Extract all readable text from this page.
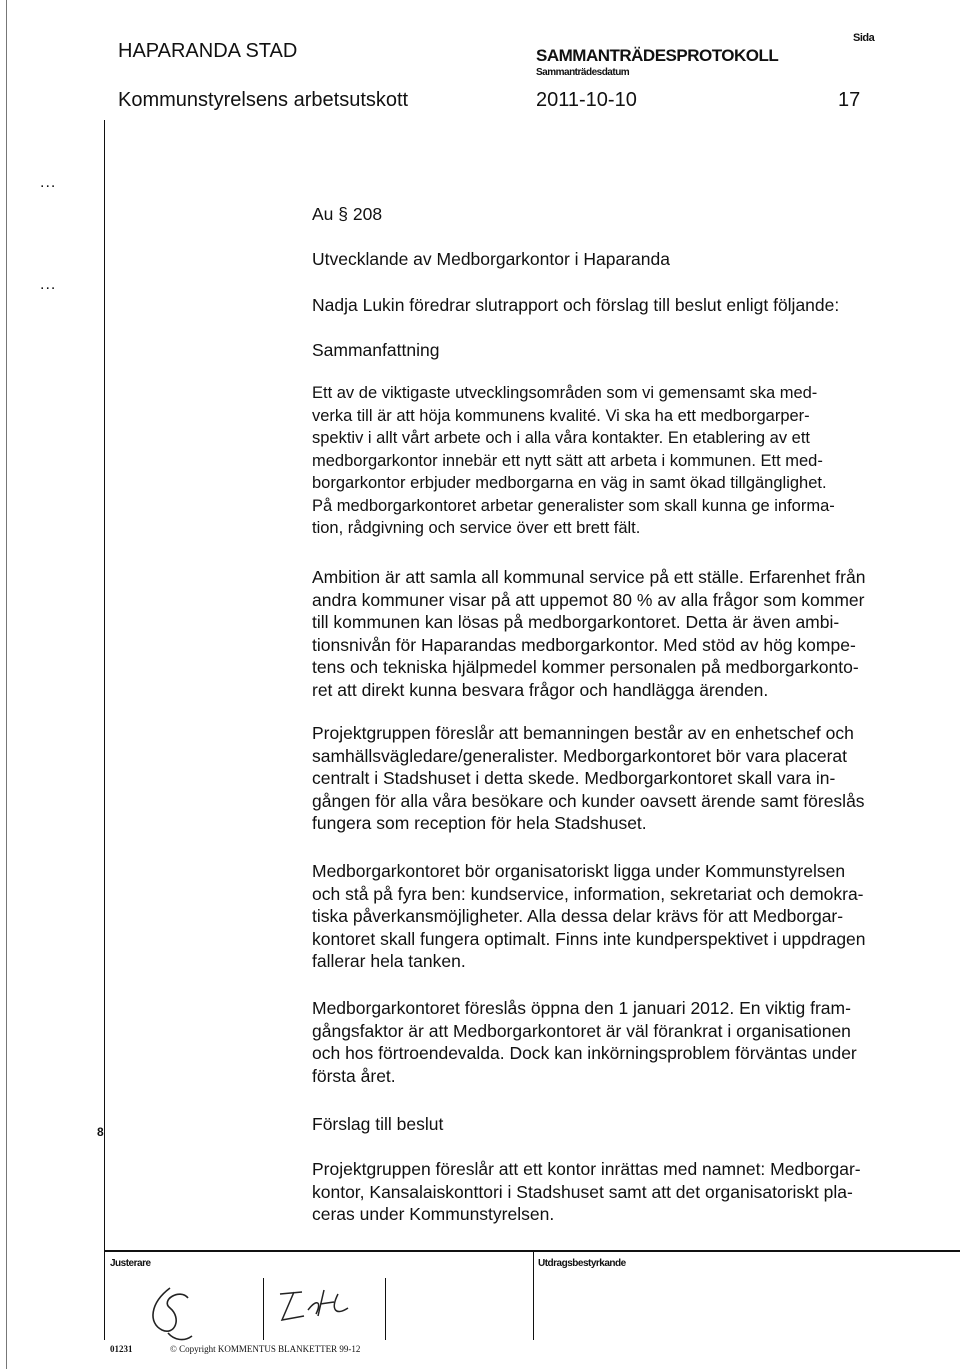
HAPARANDA STAD
Kommunstyrelsens arbetsutskott
SAMMANTRÄDESPROTOKOLL
Sammanträdesdatum
2011-10-10
Sida
17
...
...
8
Au § 208
Utvecklande av Medborgarkontor i Haparanda
Nadja Lukin föredrar slutrapport och förslag till beslut enligt följande:
Sammanfattning
Ett av de viktigaste utvecklingsområden som vi gemensamt ska med-
verka till är att höja kommunens kvalité. Vi ska ha ett medborgarper-
spektiv i allt vårt arbete och i alla våra kontakter. En etablering av ett
medborgarkontor innebär ett nytt sätt att arbeta i kommunen. Ett med-
borgarkontor erbjuder medborgarna en väg in samt ökad tillgänglighet.
På medborgarkontoret arbetar generalister som skall kunna ge informa-
tion, rådgivning och service över ett brett fält.
Ambition är att samla all kommunal service på ett ställe. Erfarenhet från
andra kommuner visar på att uppemot 80 % av alla frågor som kommer
till kommunen kan lösas på medborgarkontoret. Detta är även ambi-
tionsnivån för Haparandas medborgarkontor. Med stöd av hög kompe-
tens och tekniska hjälpmedel kommer personalen på medborgarkonto-
ret att direkt kunna besvara frågor och handlägga ärenden.
Projektgruppen föreslår att bemanningen består av en enhetschef och
samhällsvägledare/generalister. Medborgarkontoret bör vara placerat
centralt i Stadshuset i detta skede. Medborgarkontoret skall vara in-
gången för alla våra besökare och kunder oavsett ärende samt föreslås
fungera som reception för hela Stadshuset.
Medborgarkontoret bör organisatoriskt ligga under Kommunstyrelsen
och stå på fyra ben: kundservice, information, sekretariat och demokra-
tiska påverkansmöjligheter. Alla dessa delar krävs för att Medborgar-
kontoret skall fungera optimalt. Finns inte kundperspektivet i uppdragen
fallerar hela tanken.
Medborgarkontoret föreslås öppna den 1 januari 2012. En viktig fram-
gångsfaktor är att Medborgarkontoret är väl förankrat i organisationen
och hos förtroendevalda. Dock kan inkörningsproblem förväntas under
första året.
Förslag till beslut
Projektgruppen föreslår att ett kontor inrättas med namnet: Medborgar-
kontor, Kansalaiskonttori i Stadshuset samt att det organisatoriskt pla-
ceras under Kommunstyrelsen.
Justerare	Utdragsbestyrkande
01231	© Copyright KOMMENTUS BLANKETTER 99-12
